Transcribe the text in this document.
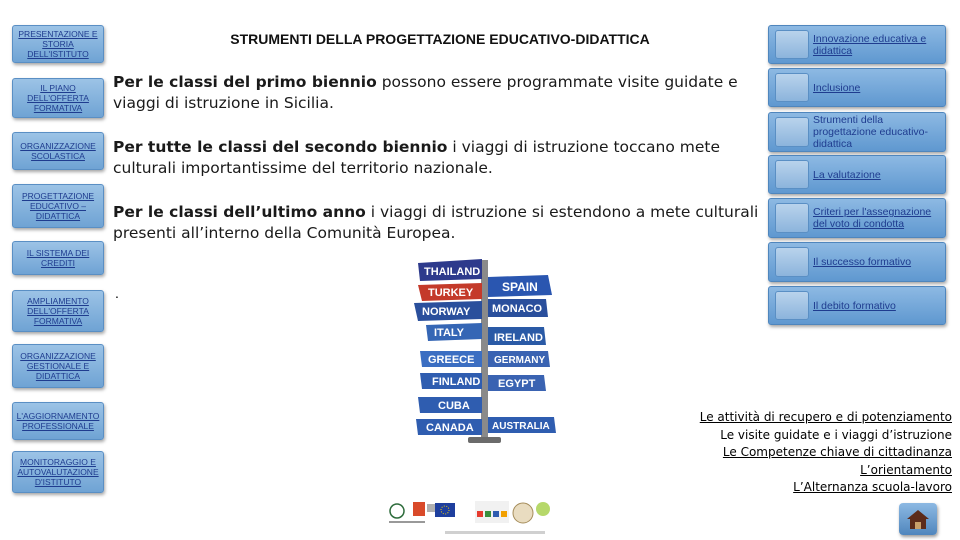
PRESENTAZIONE E STORIA DELL'ISTITUTO
IL PIANO DELL'OFFERTA FORMATIVA
ORGANIZZAZIONE SCOLASTICA
PROGETTAZIONE EDUCATIVO – DIDATTICA
IL SISTEMA DEI CREDITI
AMPLIAMENTO DELL'OFFERTA FORMATIVA
ORGANIZZAZIONE GESTIONALE E DIDATTICA
L'AGGIORNAMENTO PROFESSIONALE
MONITORAGGIO E AUTOVALUTAZIONE D'ISTITUTO
STRUMENTI DELLA PROGETTAZIONE EDUCATIVO-DIDATTICA
Per le classi del primo biennio possono essere programmate visite guidate e viaggi di istruzione in Sicilia.
Per tutte le classi del secondo biennio i viaggi di istruzione toccano mete culturali importantissime del territorio nazionale.
Per le classi dell’ultimo anno i viaggi di istruzione si estendono a mete culturali presenti all’interno della Comunità Europea.
.
THAILAND
SPAIN
TURKEY
NORWAY MONACO
ITALY	IRELAND
GREECE GERMANY
FINLAND EGYPT
CUBA
CANADA AUSTRALIA
Innovazione educativa e didattica
Inclusione
Strumenti della progettazione educativo-didattica
La valutazione
Criteri per l'assegnazione del voto di condotta
Il successo formativo
Il debito formativo
Le attività di recupero e di potenziamento
Le visite guidate e i viaggi d’istruzione
Le Competenze chiave di cittadinanza
L’orientamento
L’Alternanza scuola-lavoro
